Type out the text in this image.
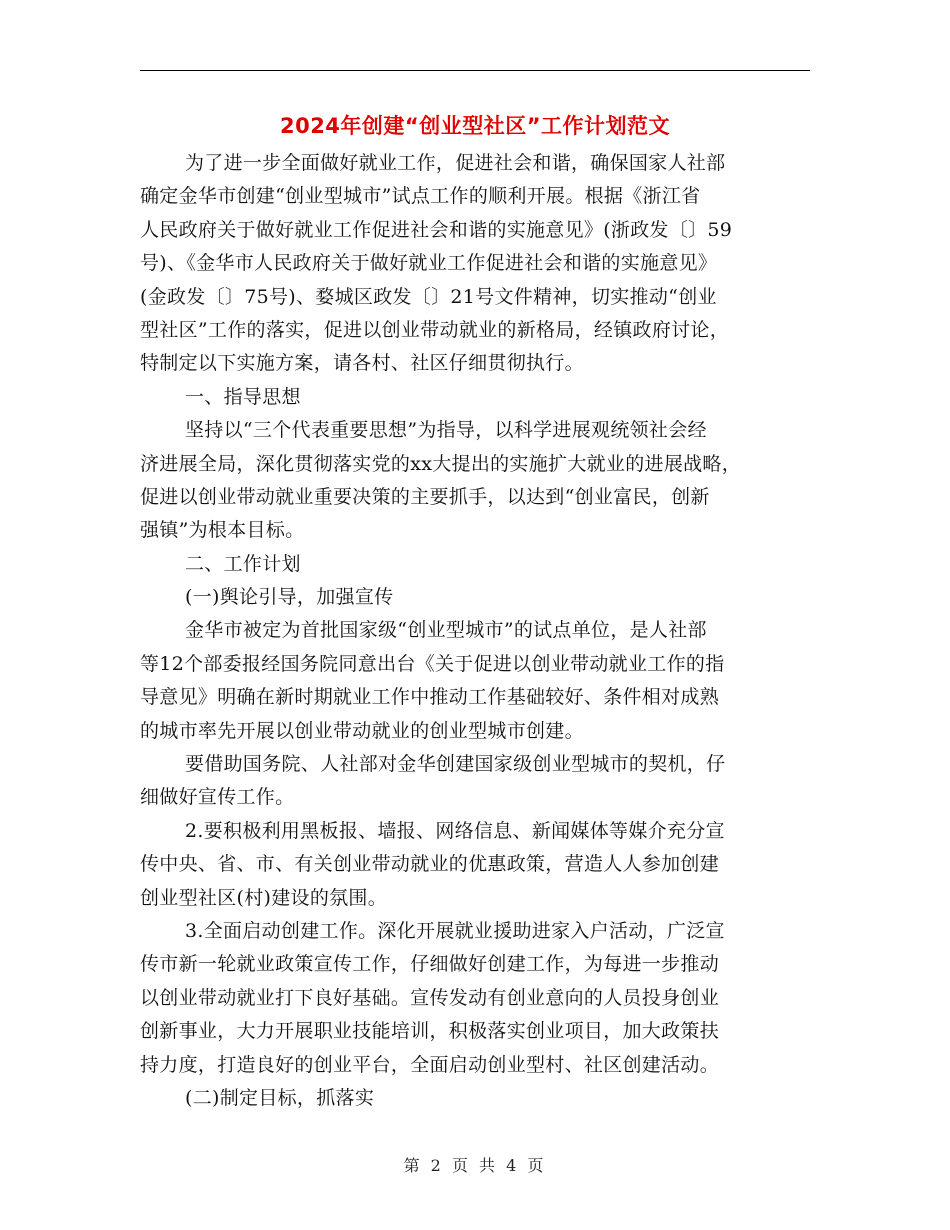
2024年创建“创业型社区”工作计划范文
为了进一步全面做好就业工作，促进社会和谐，确保国家人社部
确定金华市创建“创业型城市”试点工作的顺利开展。根据《浙江省
人民政府关于做好就业工作促进社会和谐的实施意见》(浙政发〔〕59
号)、《金华市人民政府关于做好就业工作促进社会和谐的实施意见》
(金政发〔〕75号)、婺城区政发〔〕21号文件精神，切实推动“创业
型社区”工作的落实，促进以创业带动就业的新格局，经镇政府讨论，
特制定以下实施方案，请各村、社区仔细贯彻执行。
一、指导思想
坚持以“三个代表重要思想”为指导，以科学进展观统领社会经
济进展全局，深化贯彻落实党的xx大提出的实施扩大就业的进展战略，
促进以创业带动就业重要决策的主要抓手，以达到“创业富民，创新
强镇”为根本目标。
二、工作计划
(一)舆论引导，加强宣传
金华市被定为首批国家级“创业型城市”的试点单位，是人社部
等12个部委报经国务院同意出台《关于促进以创业带动就业工作的指
导意见》明确在新时期就业工作中推动工作基础较好、条件相对成熟
的城市率先开展以创业带动就业的创业型城市创建。
要借助国务院、人社部对金华创建国家级创业型城市的契机，仔
细做好宣传工作。
2.要积极利用黑板报、墙报、网络信息、新闻媒体等媒介充分宣
传中央、省、市、有关创业带动就业的优惠政策，营造人人参加创建
创业型社区(村)建设的氛围。
3.全面启动创建工作。深化开展就业援助进家入户活动，广泛宣
传市新一轮就业政策宣传工作，仔细做好创建工作，为每进一步推动
以创业带动就业打下良好基础。宣传发动有创业意向的人员投身创业
创新事业，大力开展职业技能培训，积极落实创业项目，加大政策扶
持力度，打造良好的创业平台，全面启动创业型村、社区创建活动。
(二)制定目标，抓落实
第 2 页 共 4 页
